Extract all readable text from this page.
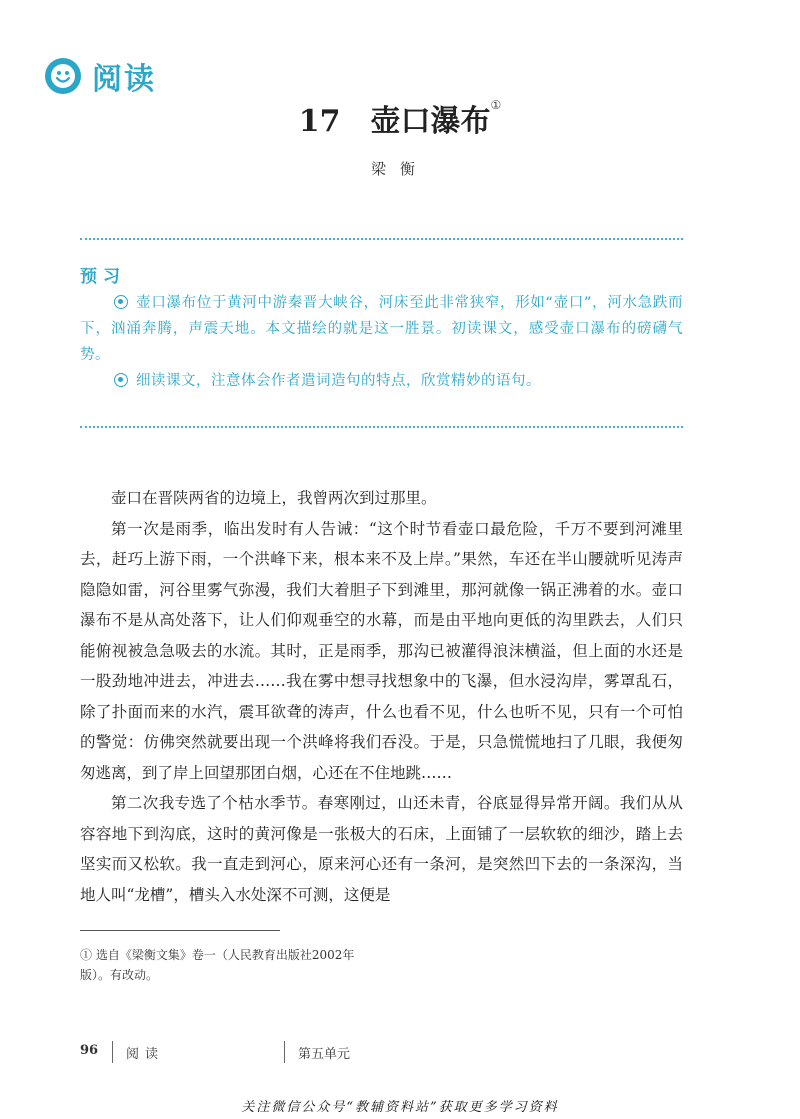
阅读
17 壶口瀑布①
梁衡
预习
壶口瀑布位于黄河中游秦晋大峡谷，河床至此非常狭窄，形如“壶口”，河水急跌而下，汹涌奔腾，声震天地。本文描绘的就是这一胜景。初读课文，感受壶口瀑布的磅礴气势。
细读课文，注意体会作者遣词造句的特点，欣赏精妙的语句。

壶口在晋陕两省的边境上，我曾两次到过那里。

第一次是雨季，临出发时有人告诫：“这个时节看壶口最危险，千万不要到河滩里去，赶巧上游下雨，一个洪峰下来，根本来不及上岸。”果然，车还在半山腰就听见涛声隐隐如雷，河谷里雾气弥漫，我们大着胆子下到滩里，那河就像一锅正沸着的水。壶口瀑布不是从高处落下，让人们仰观垂空的水幕，而是由平地向更低的沟里跌去，人们只能俯视被急急吸去的水流。其时，正是雨季，那沟已被灌得浪沫横溢，但上面的水还是一股劲地冲进去，冲进去……我在雾中想寻找想象中的飞瀑，但水浸沟岸，雾罩乱石，除了扑面而来的水汽，震耳欲聋的涛声，什么也看不见，什么也听不见，只有一个可怕的警觉：仿佛突然就要出现一个洪峰将我们吞没。于是，只急慌慌地扫了几眼，我便匆匆逃离，到了岸上回望那团白烟，心还在不住地跳……

第二次我专选了个枯水季节。春寒刚过，山还未青，谷底显得异常开阔。我们从从容容地下到沟底，这时的黄河像是一张极大的石床，上面铺了一层软软的细沙，踏上去坚实而又松软。我一直走到河心，原来河心还有一条河，是突然凹下去的一条深沟，当地人叫“龙槽”，槽头入水处深不可测，这便是

① 选自《梁衡文集》卷一（人民教育出版社2002年版）。有改动。
96 阅读	第五单元
关注微信公众号“教辅资料站”获取更多学习资料
